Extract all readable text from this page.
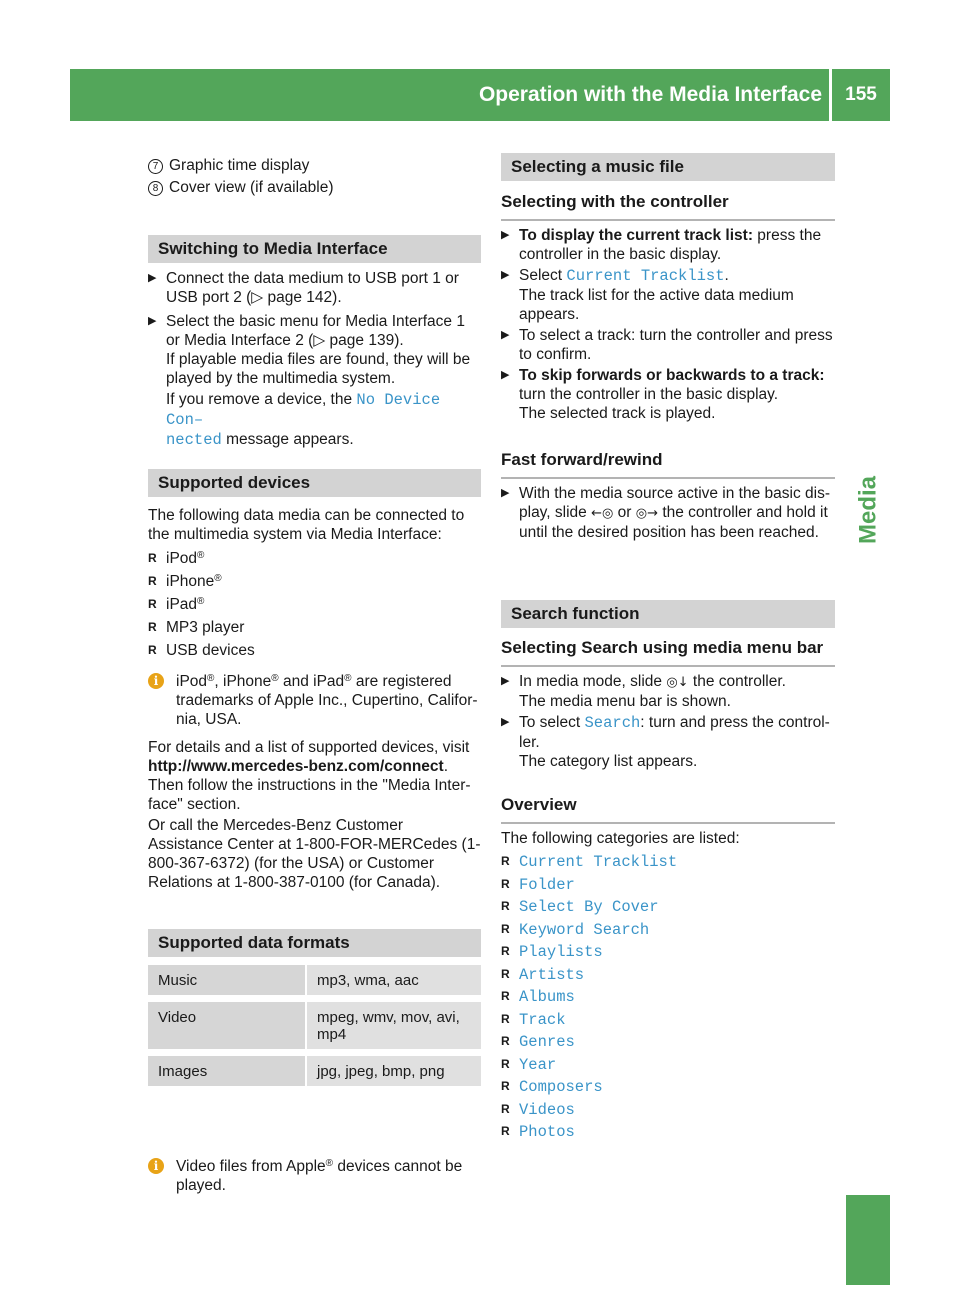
Operation with the Media Interface	155
Media
7 Graphic time display
8 Cover view (if available)
Switching to Media Interface
▶ Connect the data medium to USB port 1 or USB port 2 (▷ page 142).
▶ Select the basic menu for Media Interface 1 or Media Interface 2 (▷ page 139).
If playable media files are found, they will be played by the multimedia system.
If you remove a device, the No Device Con–
nected message appears.
Supported devices
The following data media can be connected to the multimedia system via Media Interface:
R iPod®
R iPhone®
R iPad®
R MP3 player
R USB devices
i	iPod®, iPhone® and iPad® are registered trademarks of Apple Inc., Cupertino, Califor‑ nia, USA.
For details and a list of supported devices, visit http://www.mercedes-benz.com/connect. Then follow the instructions in the "Media Inter‑ face" section.
Or call the Mercedes-Benz Customer Assistance Center at 1-800-FOR-MERCedes (1-800-367-6372) (for the USA) or Customer Relations at 1-800-387-0100 (for Canada).
Supported data formats
Music	mp3, wma, aac
Video	mpeg, wmv, mov, avi, mp4
Images	jpg, jpeg, bmp, png
i	Video files from Apple® devices cannot be played.
Selecting a music file
Selecting with the controller
▶ To display the current track list: press the controller in the basic display.
▶ Select Current Tracklist.
The track list for the active data medium appears.
▶ To select a track: turn the controller and press to confirm.
▶ To skip forwards or backwards to a track: turn the controller in the basic display.
The selected track is played.
Fast forward/rewind
▶ With the media source active in the basic dis‑ play, slide ←◎ or ◎→ the controller and hold it until the desired position has been reached.
Search function
Selecting Search using media menu bar
▶ In media mode, slide ◎↓ the controller.
The media menu bar is shown.
▶ To select Search: turn and press the control‑ ler.
The category list appears.
Overview
The following categories are listed:
R Current Tracklist
R Folder
R Select By Cover
R Keyword Search
R Playlists
R Artists
R Albums
R Track
R Genres
R Year
R Composers
R Videos
R Photos
